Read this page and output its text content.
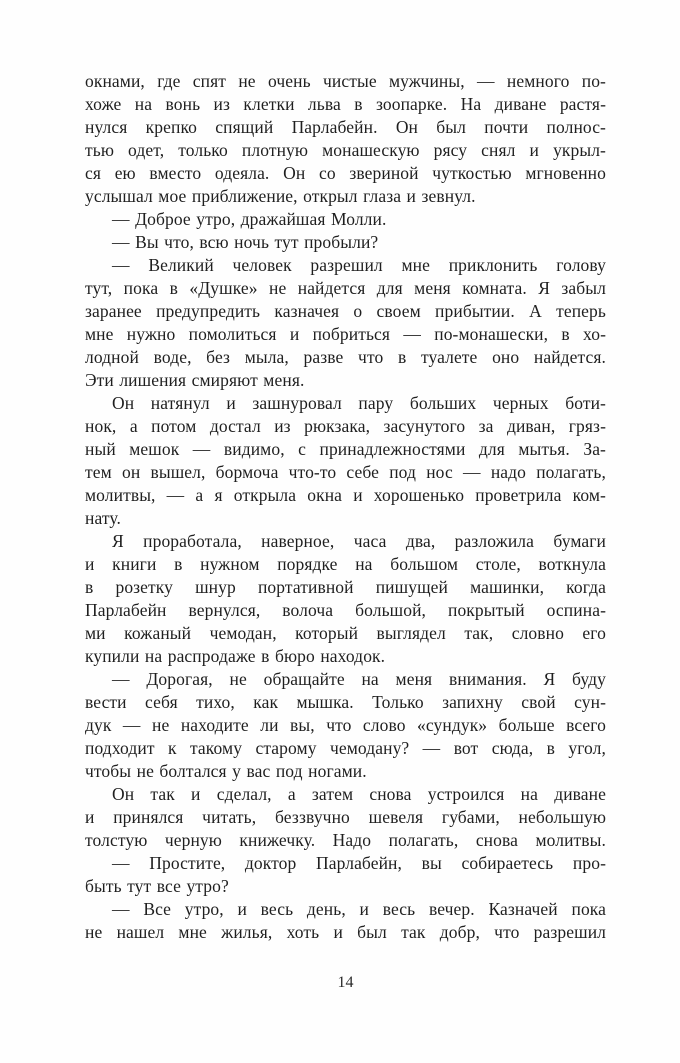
окнами, где спят не очень чистые мужчины, — немного по-
хоже на вонь из клетки льва в зоопарке. На диване растя-
нулся крепко спящий Парлабейн. Он был почти полнос-
тью одет, только плотную монашескую рясу снял и укрыл-
ся ею вместо одеяла. Он со звериной чуткостью мгновенно
услышал мое приближение, открыл глаза и зевнул.
— Доброе утро, дражайшая Молли.
— Вы что, всю ночь тут пробыли?
— Великий человек разрешил мне приклонить голову
тут, пока в «Душке» не найдется для меня комната. Я забыл
заранее предупредить казначея о своем прибытии. А теперь
мне нужно помолиться и побриться — по-монашески, в хо-
лодной воде, без мыла, разве что в туалете оно найдется.
Эти лишения смиряют меня.
Он натянул и зашнуровал пару больших черных боти-
нок, а потом достал из рюкзака, засунутого за диван, гряз-
ный мешок — видимо, с принадлежностями для мытья. За-
тем он вышел, бормоча что-то себе под нос — надо полагать,
молитвы, — а я открыла окна и хорошенько проветрила ком-
нату.
Я проработала, наверное, часа два, разложила бумаги
и книги в нужном порядке на большом столе, воткнула
в розетку шнур портативной пишущей машинки, когда
Парлабейн вернулся, волоча большой, покрытый оспина-
ми кожаный чемодан, который выглядел так, словно его
купили на распродаже в бюро находок.
— Дорогая, не обращайте на меня внимания. Я буду
вести себя тихо, как мышка. Только запихну свой сун-
дук — не находите ли вы, что слово «сундук» больше всего
подходит к такому старому чемодану? — вот сюда, в угол,
чтобы не болтался у вас под ногами.
Он так и сделал, а затем снова устроился на диване
и принялся читать, беззвучно шевеля губами, небольшую
толстую черную книжечку. Надо полагать, снова молитвы.
— Простите, доктор Парлабейн, вы собираетесь про-
быть тут все утро?
— Все утро, и весь день, и весь вечер. Казначей пока
не нашел мне жилья, хоть и был так добр, что разрешил
14
